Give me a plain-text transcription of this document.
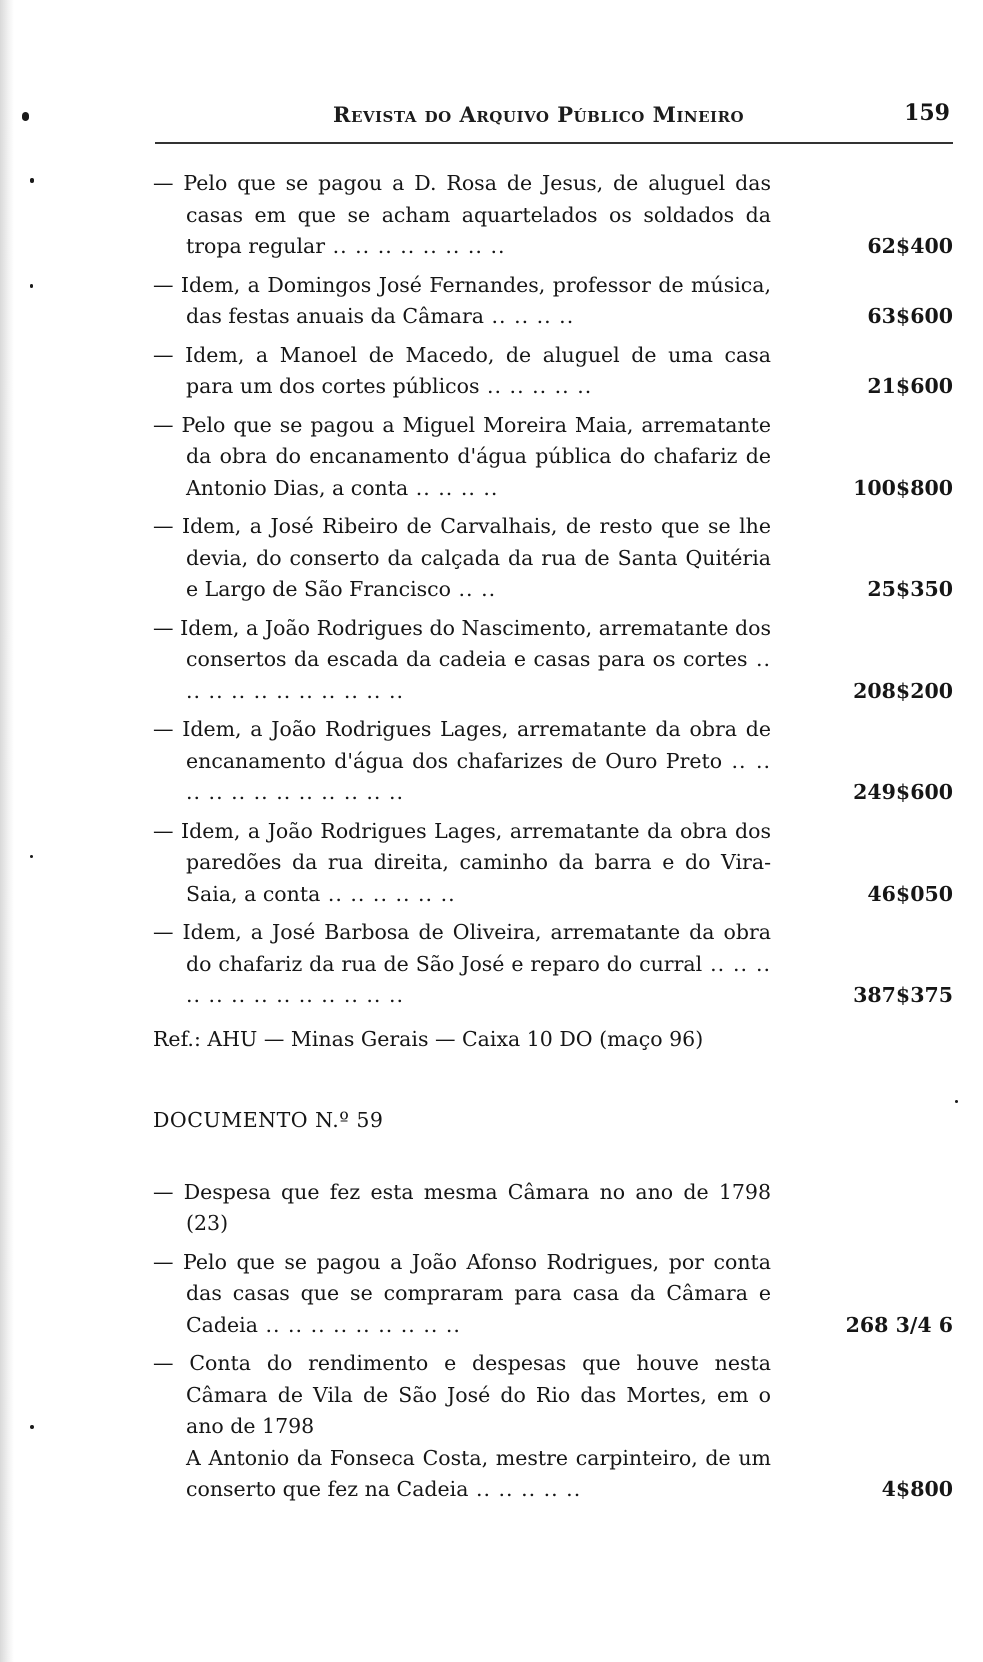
Revista do Arquivo Público Mineiro	159
— Pelo que se pagou a D. Rosa de Jesus, de aluguel das casas em que se acham aquartelados os soldados da tropa regular .. .. .. .. .. .. .. ..	62$400
— Idem, a Domingos José Fernandes, professor de música, das festas anuais da Câmara .. .. .. ..	63$600
— Idem, a Manoel de Macedo, de aluguel de uma casa para um dos cortes públicos .. .. .. .. ..	21$600
— Pelo que se pagou a Miguel Moreira Maia, arrematante da obra do encanamento d'água pública do chafariz de Antonio Dias, a conta .. .. .. ..	100$800
— Idem, a José Ribeiro de Carvalhais, de resto que se lhe devia, do conserto da calçada da rua de Santa Quitéria e Largo de São Francisco .. ..	25$350
— Idem, a João Rodrigues do Nascimento, arrematante dos consertos da escada da cadeia e casas para os cortes .. .. .. .. .. .. .. .. .. .. ..	208$200
— Idem, a João Rodrigues Lages, arrematante da obra de encanamento d'água dos chafarizes de Ouro Preto .. .. .. .. .. .. .. .. .. .. .. ..	249$600
— Idem, a João Rodrigues Lages, arrematante da obra dos paredões da rua direita, caminho da barra e do Vira-Saia, a conta .. .. .. .. .. ..	46$050
— Idem, a José Barbosa de Oliveira, arrematante da obra do chafariz da rua de São José e reparo do curral .. .. .. .. .. .. .. .. .. .. .. .. ..	387$375
Ref.: AHU — Minas Gerais — Caixa 10 DO (maço 96)
DOCUMENTO N.º 59
— Despesa que fez esta mesma Câmara no ano de 1798 (23)
— Pelo que se pagou a João Afonso Rodrigues, por conta das casas que se compraram para casa da Câmara e Cadeia .. .. .. .. .. .. .. .. ..	268 3/4 6
— Conta do rendimento e despesas que houve nesta Câmara de Vila de São José do Rio das Mortes, em o ano de 1798
A Antonio da Fonseca Costa, mestre carpinteiro, de um conserto que fez na Cadeia .. .. .. .. ..	4$800
